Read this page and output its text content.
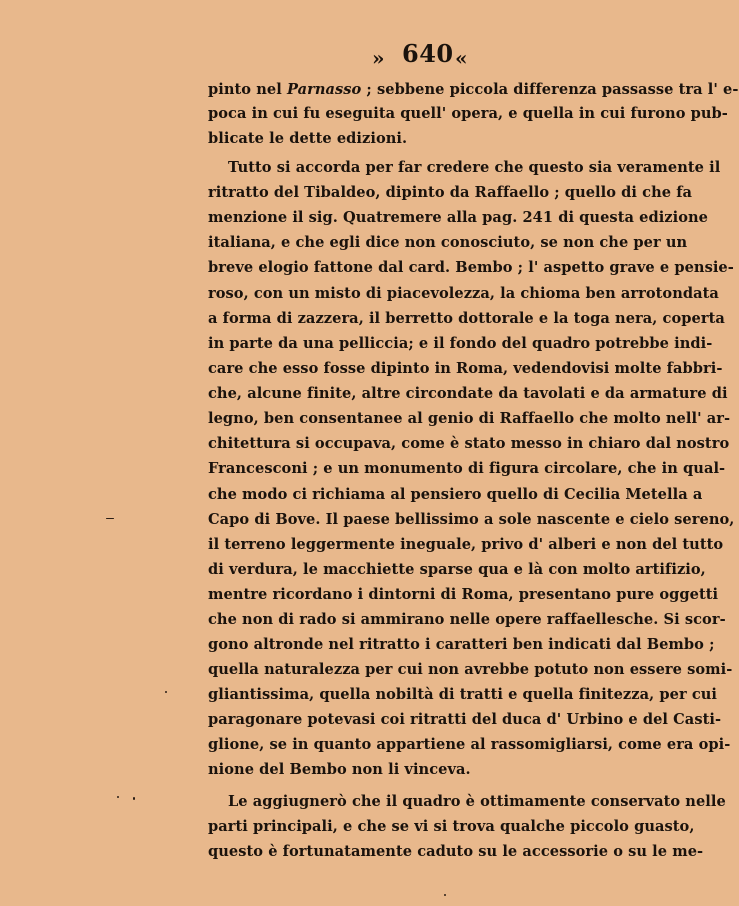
» 640 «
pinto nel Parnasso ; sebbene piccola differenza passasse tra l' e-
poca in cui fu eseguita quell' opera, e quella in cui furono pub-
blicate le dette edizioni.
Tutto si accorda per far credere che questo sia veramente il
ritratto del Tibaldeo, dipinto da Raffaello ; quello di che fa
menzione il sig. Quatremere alla pag. 241 di questa edizione
italiana, e che egli dice non conosciuto, se non che per un
breve elogio fattone dal card. Bembo ; l' aspetto grave e pensie-
roso, con un misto di piacevolezza, la chioma ben arrotondata
a forma di zazzera, il berretto dottorale e la toga nera, coperta
in parte da una pelliccia; e il fondo del quadro potrebbe indi-
care che esso fosse dipinto in Roma, vedendovisi molte fabbri-
che, alcune finite, altre circondate da tavolati e da armature di
legno, ben consentanee al genio di Raffaello che molto nell' ar-
chitettura si occupava, come è stato messo in chiaro dal nostro
Francesconi ; e un monumento di figura circolare, che in qual-
che modo ci richiama al pensiero quello di Cecilia Metella a
Capo di Bove. Il paese bellissimo a sole nascente e cielo sereno,
il terreno leggermente ineguale, privo d' alberi e non del tutto
di verdura, le macchiette sparse qua e là con molto artifizio,
mentre ricordano i dintorni di Roma, presentano pure oggetti
che non di rado si ammirano nelle opere raffaellesche. Si scor-
gono altronde nel ritratto i caratteri ben indicati dal Bembo ;
quella naturalezza per cui non avrebbe potuto non essere somi-
gliantissima, quella nobiltà di tratti e quella finitezza, per cui
paragonare potevasi coi ritratti del duca d' Urbino e del Casti-
glione, se in quanto appartiene al rassomigliarsi, come era opi-
nione del Bembo non li vinceva.
Le aggiugnerò che il quadro è ottimamente conservato nelle
parti principali, e che se vi si trova qualche piccolo guasto,
questo è fortunatamente caduto su le accessorie o su le me-
